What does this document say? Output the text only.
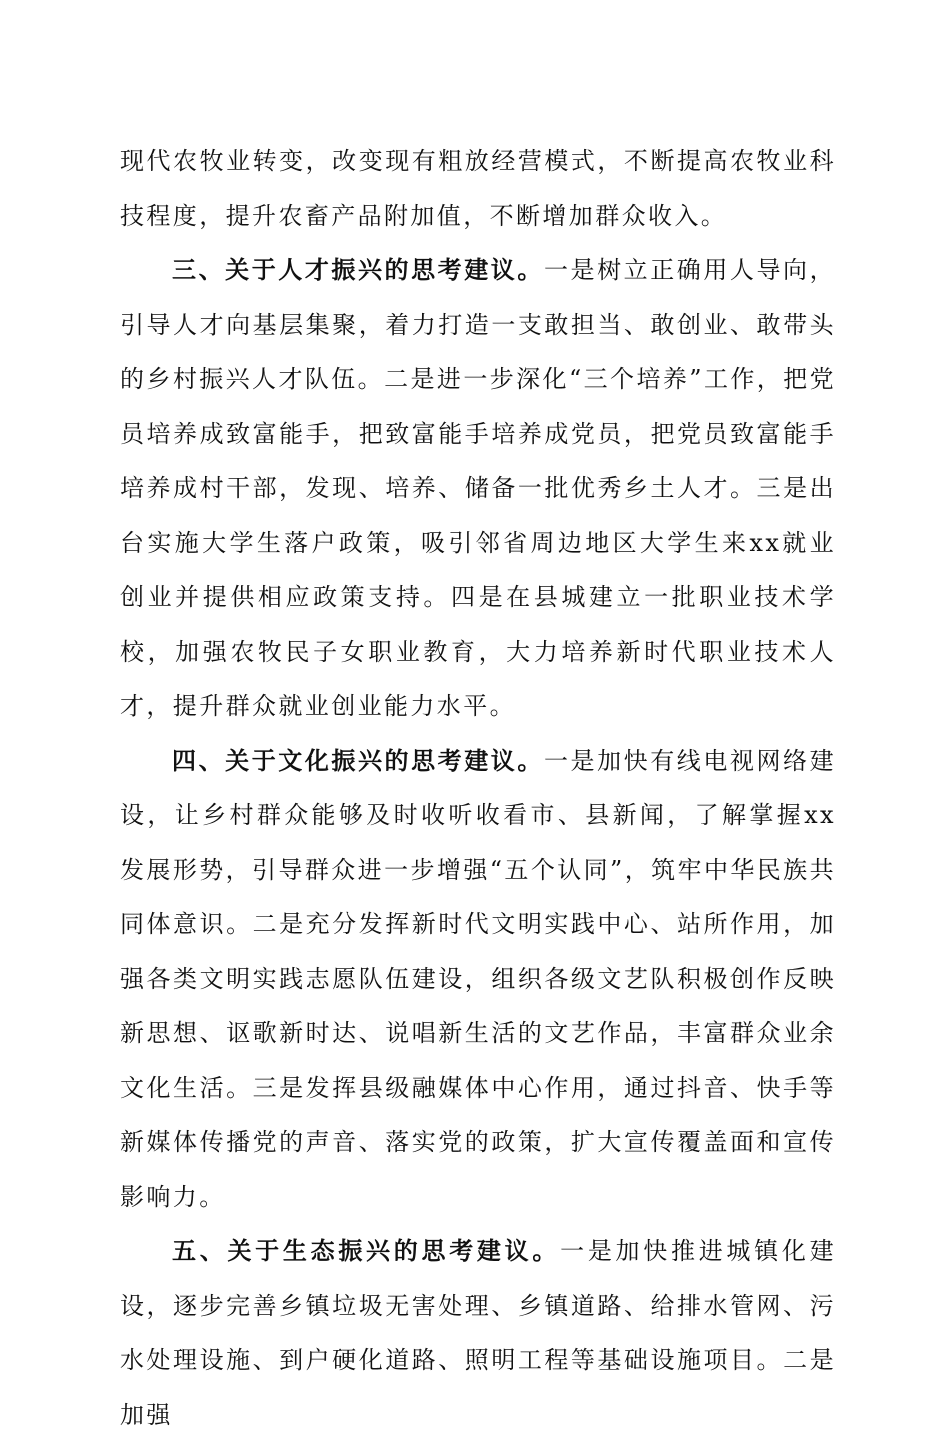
现代农牧业转变，改变现有粗放经营模式，不断提高农牧业科技程度，提升农畜产品附加值，不断增加群众收入。

三、关于人才振兴的思考建议。一是树立正确用人导向，引导人才向基层集聚，着力打造一支敢担当、敢创业、敢带头的乡村振兴人才队伍。二是进一步深化“三个培养”工作，把党员培养成致富能手，把致富能手培养成党员，把党员致富能手培养成村干部，发现、培养、储备一批优秀乡土人才。三是出台实施大学生落户政策，吸引邻省周边地区大学生来xx就业创业并提供相应政策支持。四是在县城建立一批职业技术学校，加强农牧民子女职业教育，大力培养新时代职业技术人才，提升群众就业创业能力水平。

四、关于文化振兴的思考建议。一是加快有线电视网络建设，让乡村群众能够及时收听收看市、县新闻，了解掌握xx发展形势，引导群众进一步增强“五个认同”，筑牢中华民族共同体意识。二是充分发挥新时代文明实践中心、站所作用，加强各类文明实践志愿队伍建设，组织各级文艺队积极创作反映新思想、讴歌新时达、说唱新生活的文艺作品，丰富群众业余文化生活。三是发挥县级融媒体中心作用，通过抖音、快手等新媒体传播党的声音、落实党的政策，扩大宣传覆盖面和宣传影响力。

五、关于生态振兴的思考建议。一是加快推进城镇化建设，逐步完善乡镇垃圾无害处理、乡镇道路、给排水管网、污水处理设施、到户硬化道路、照明工程等基础设施项目。二是加强
